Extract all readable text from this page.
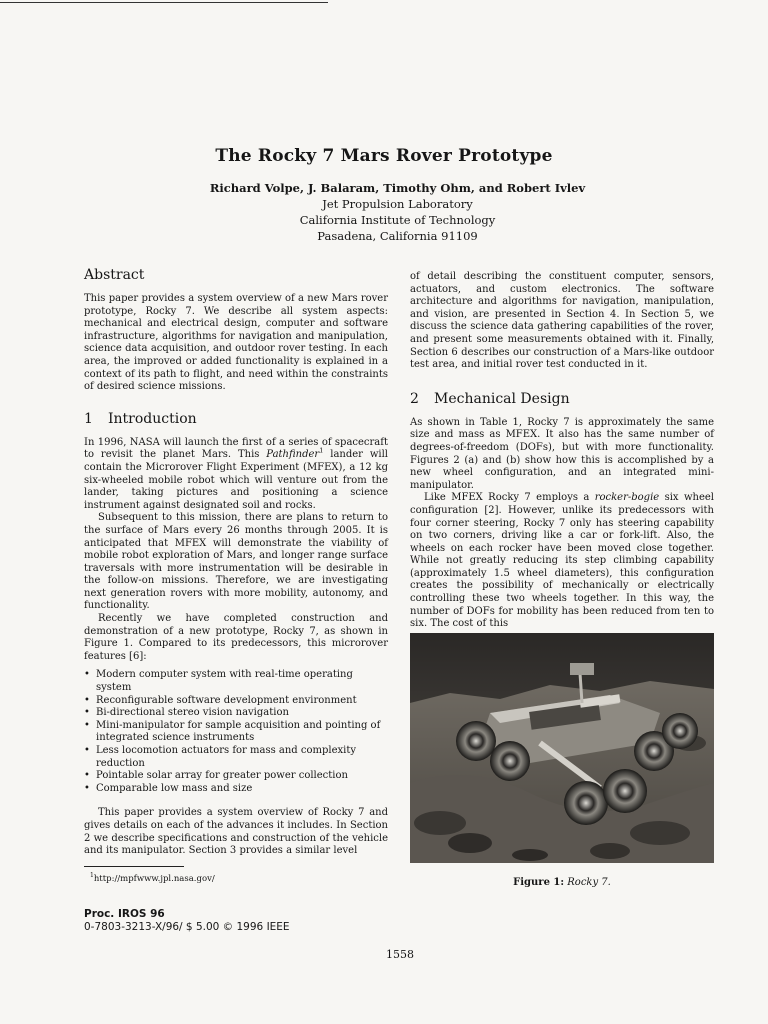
The Rocky 7 Mars Rover Prototype
Richard Volpe, J. Balaram, Timothy Ohm, and Robert Ivlev
Jet Propulsion Laboratory
California Institute of Technology
Pasadena, California 91109
Abstract

This paper provides a system overview of a new Mars rover prototype, Rocky 7. We describe all system aspects: mechanical and electrical design, computer and software infrastructure, algorithms for navigation and manipulation, science data acquisition, and outdoor rover testing. In each area, the improved or added functionality is explained in a context of its path to flight, and need within the constraints of desired science missions.

1 Introduction

In 1996, NASA will launch the first of a series of spacecraft to revisit the planet Mars. This Pathfinder$^1$ lander will contain the Microrover Flight Experiment (MFEX), a 12 kg six-wheeled mobile robot which will venture out from the lander, taking pictures and positioning a science instrument against designated soil and rocks.

Subsequent to this mission, there are plans to return to the surface of Mars every 26 months through 2005. It is anticipated that MFEX will demonstrate the viability of mobile robot exploration of Mars, and longer range surface traversals with more instrumentation will be desirable in the follow-on missions. Therefore, we are investigating next generation rovers with more mobility, autonomy, and functionality.

Recently we have completed construction and demonstration of a new prototype, Rocky 7, as shown in Figure 1. Compared to its predecessors, this microrover features [6]:

• Modern computer system with real-time operating system
• Reconfigurable software development environment
• Bi-directional stereo vision navigation
• Mini-manipulator for sample acquisition and pointing of integrated science instruments
• Less locomotion actuators for mass and complexity reduction
• Pointable solar array for greater power collection
• Comparable low mass and size

This paper provides a system overview of Rocky 7 and gives details on each of the advances it includes. In Section 2 we describe specifications and construction of the vehicle and its manipulator. Section 3 provides a similar level

$^1$http://mpfwww.jpl.nasa.gov/

of detail describing the constituent computer, sensors, actuators, and custom electronics. The software architecture and algorithms for navigation, manipulation, and vision, are presented in Section 4. In Section 5, we discuss the science data gathering capabilities of the rover, and present some measurements obtained with it. Finally, Section 6 describes our construction of a Mars-like outdoor test area, and initial rover test conducted in it.

2 Mechanical Design

As shown in Table 1, Rocky 7 is approximately the same size and mass as MFEX. It also has the same number of degrees-of-freedom (DOFs), but with more functionality. Figures 2 (a) and (b) show how this is accomplished by a new wheel configuration, and an integrated mini-manipulator.

Like MFEX Rocky 7 employs a rocker-bogie six wheel configuration [2]. However, unlike its predecessors with four corner steering, Rocky 7 only has steering capability on two corners, driving like a car or fork-lift. Also, the wheels on each rocker have been moved close together. While not greatly reducing its step climbing capability (approximately 1.5 wheel diameters), this configuration creates the possibility of mechanically or electrically controlling these two wheels together. In this way, the number of DOFs for mobility has been reduced from ten to six. The cost of this

Figure 1: Rocky 7.
Proc. IROS 96
0-7803-3213-X/96/ $ 5.00 © 1996 IEEE
1558
